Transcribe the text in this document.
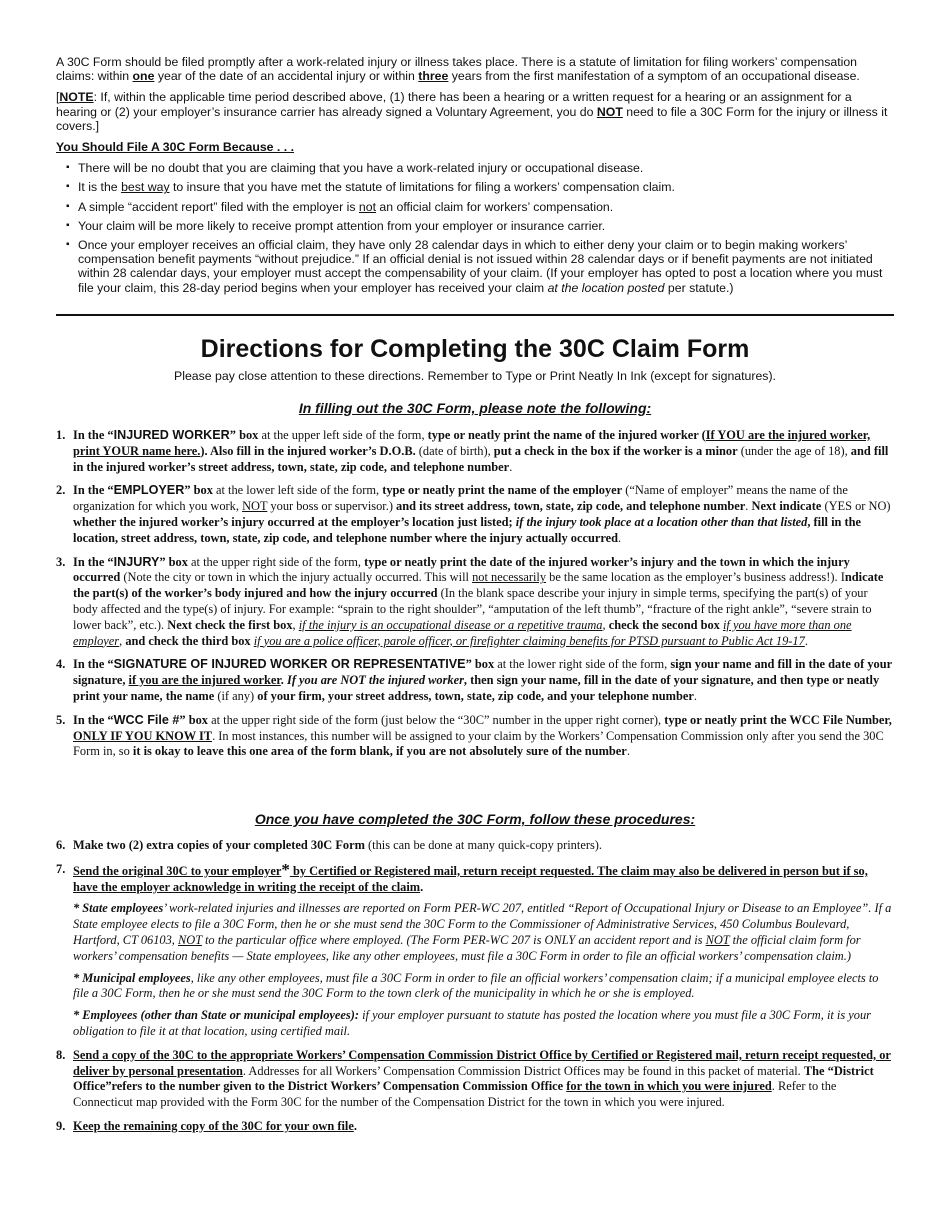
A 30C Form should be filed promptly after a work-related injury or illness takes place. There is a statute of limitation for filing workers’ compensation claims: within one year of the date of an accidental injury or within three years from the first manifestation of a symptom of an occupational disease.

[NOTE: If, within the applicable time period described above, (1) there has been a hearing or a written request for a hearing or an assignment for a hearing or (2) your employer’s insurance carrier has already signed a Voluntary Agreement, you do NOT need to file a 30C Form for the injury or illness it covers.]

You Should File A 30C Form Because . . .

▪ There will be no doubt that you are claiming that you have a work-related injury or occupational disease.
▪ It is the best way to insure that you have met the statute of limitations for filing a workers’ compensation claim.
▪ A simple “accident report” filed with the employer is not an official claim for workers’ compensation.
▪ Your claim will be more likely to receive prompt attention from your employer or insurance carrier.
▪ Once your employer receives an official claim, they have only 28 calendar days in which to either deny your claim or to begin making workers’ compensation benefit payments “without prejudice.” If an official denial is not issued within 28 calendar days or if benefit payments are not initiated within 28 calendar days, your employer must accept the compensability of your claim. (If your employer has opted to post a location where you must file your claim, this 28-day period begins when your employer has received your claim at the location posted per statute.)
Directions for Completing the 30C Claim Form

Please pay close attention to these directions. Remember to Type or Print Neatly In Ink (except for signatures).

In filling out the 30C Form, please note the following:

1. In the “INJURED WORKER” box at the upper left side of the form, type or neatly print the name of the injured worker (If YOU are the injured worker, print YOUR name here.). Also fill in the injured worker’s D.O.B. (date of birth), put a check in the box if the worker is a minor (under the age of 18), and fill in the injured worker’s street address, town, state, zip code, and telephone number.
2. In the “EMPLOYER” box at the lower left side of the form, type or neatly print the name of the employer (“Name of employer” means the name of the organization for which you work, NOT your boss or supervisor.) and its street address, town, state, zip code, and telephone number. Next indicate (YES or NO) whether the injured worker’s injury occurred at the employer’s location just listed; if the injury took place at a location other than that listed, fill in the location, street address, town, state, zip code, and telephone number where the injury actually occurred.
3. In the “INJURY” box at the upper right side of the form, type or neatly print the date of the injured worker’s injury and the town in which the injury occurred (Note the city or town in which the injury actually occurred. This will not necessarily be the same location as the employer’s business address!). Indicate the part(s) of the worker’s body injured and how the injury occurred (In the blank space describe your injury in simple terms, specifying the part(s) of your body affected and the type(s) of injury. For example: “sprain to the right shoulder”, “amputation of the left thumb”, “fracture of the right ankle”, “severe strain to lower back”, etc.). Next check the first box, if the injury is an occupational disease or a repetitive trauma, check the second box if you have more than one employer, and check the third box if you are a police officer, parole officer, or firefighter claiming benefits for PTSD pursuant to Public Act 19-17.
4. In the “SIGNATURE OF INJURED WORKER OR REPRESENTATIVE” box at the lower right side of the form, sign your name and fill in the date of your signature, if you are the injured worker. If you are NOT the injured worker, then sign your name, fill in the date of your signature, and then type or neatly print your name, the name (if any) of your firm, your street address, town, state, zip code, and your telephone number.
5. In the “WCC File #” box at the upper right side of the form (just below the “30C” number in the upper right corner), type or neatly print the WCC File Number, ONLY IF YOU KNOW IT. In most instances, this number will be assigned to your claim by the Workers’ Compensation Commission only after you send the 30C Form in, so it is okay to leave this one area of the form blank, if you are not absolutely sure of the number.

Once you have completed the 30C Form, follow these procedures:

6. Make two (2) extra copies of your completed 30C Form (this can be done at many quick-copy printers).
7. Send the original 30C to your employer* by Certified or Registered mail, return receipt requested. The claim may also be delivered in person but if so, have the employer acknowledge in writing the receipt of the claim.

* State employees’ work-related injuries and illnesses are reported on Form PER-WC 207, entitled “Report of Occupational Injury or Disease to an Employee”. If a State employee elects to file a 30C Form, then he or she must send the 30C Form to the Commissioner of Administrative Services, 450 Columbus Boulevard, Hartford, CT 06103, NOT to the particular office where employed. (The Form PER-WC 207 is ONLY an accident report and is NOT the official claim form for workers’ compensation benefits — State employees, like any other employees, must file a 30C Form in order to file an official workers’ compensation claim.)

* Municipal employees, like any other employees, must file a 30C Form in order to file an official workers’ compensation claim; if a municipal employee elects to file a 30C Form, then he or she must send the 30C Form to the town clerk of the municipality in which he or she is employed.

* Employees (other than State or municipal employees): if your employer pursuant to statute has posted the location where you must file a 30C Form, it is your obligation to file it at that location, using certified mail.

8. Send a copy of the 30C to the appropriate Workers’ Compensation Commission District Office by Certified or Registered mail, return receipt requested, or deliver by personal presentation. Addresses for all Workers’ Compensation Commission District Offices may be found in this packet of material. The “District Office”refers to the number given to the District Workers’ Compensation Commission Office for the town in which you were injured. Refer to the Connecticut map provided with the Form 30C for the number of the Compensation District for the town in which you were injured.
9. Keep the remaining copy of the 30C for your own file.
